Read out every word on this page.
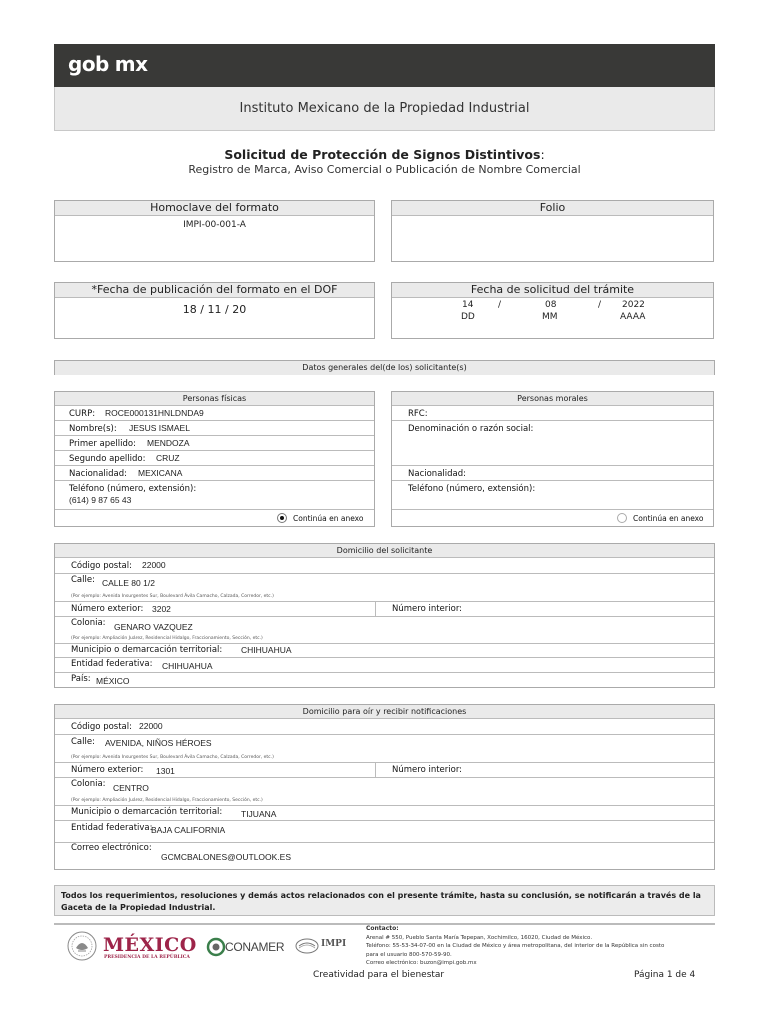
gob mx
Instituto Mexicano de la Propiedad Industrial
Solicitud de Protección de Signos Distintivos:
Registro de Marca, Aviso Comercial o Publicación de Nombre Comercial
Homoclave del formato
IMPI-00-001-A
Folio
*Fecha de publicación del formato en el DOF
18 / 11 / 20
Fecha de solicitud del trámite
14	/	08	/ 2022
DD	MM	AAAA
Datos generales del(de los) solicitante(s)
Personas físicas
CURP: ROCE000131HNLDNDA9
Nombre(s): JESUS ISMAEL
Primer apellido: MENDOZA
Segundo apellido: CRUZ
Nacionalidad: MEXICANA
Teléfono (número, extensión):
(614) 9 87 65 43
Continúa en anexo
Personas morales
RFC:
Denominación o razón social:
Nacionalidad:
Teléfono (número, extensión):
Continúa en anexo
Domicilio del solicitante
Código postal: 22000
Calle: CALLE 80 1/2
(Por ejemplo: Avenida Insurgentes Sur, Boulevard Ávila Camacho, Calzada, Corredor, etc.)
Número exterior: 3202	Número interior:
Colonia: GENARO VAZQUEZ
(Por ejemplo: Ampliación Juárez, Residencial Hidalgo, Fraccionamiento, Sección, etc.)
Municipio o demarcación territorial: CHIHUAHUA
Entidad federativa: CHIHUAHUA
País: MÉXICO
Domicilio para oír y recibir notificaciones
Código postal: 22000
Calle: AVENIDA, NIÑOS HÉROES
(Por ejemplo: Avenida Insurgentes Sur, Boulevard Ávila Camacho, Calzada, Corredor, etc.)
Número exterior: 1301	Número interior:
Colonia: CENTRO
(Por ejemplo: Ampliación Juárez, Residencial Hidalgo, Fraccionamiento, Sección, etc.)
Municipio o demarcación territorial: TIJUANA
Entidad federativa:
BAJA CALIFORNIA
Correo electrónico:
GCMCBALONES@OUTLOOK.ES
Todos los requerimientos, resoluciones y demás actos relacionados con el presente trámite, hasta su conclusión, se notificarán a través de la Gaceta de la Propiedad Industrial.
MÉXICO
PRESIDENCIA DE LA REPÚBLICA
CONAMER	IMPI
Contacto:
Arenal # 550, Pueblo Santa María Tepepan, Xochimilco, 16020, Ciudad de México.
Teléfono: 55-53-34-07-00 en la Ciudad de México y área metropolitana, del interior de la República sin costo
para el usuario 800-570-59-90.
Correo electrónico: buzon@impi.gob.mx
Creatividad para el bienestar	Página 1 de 4
